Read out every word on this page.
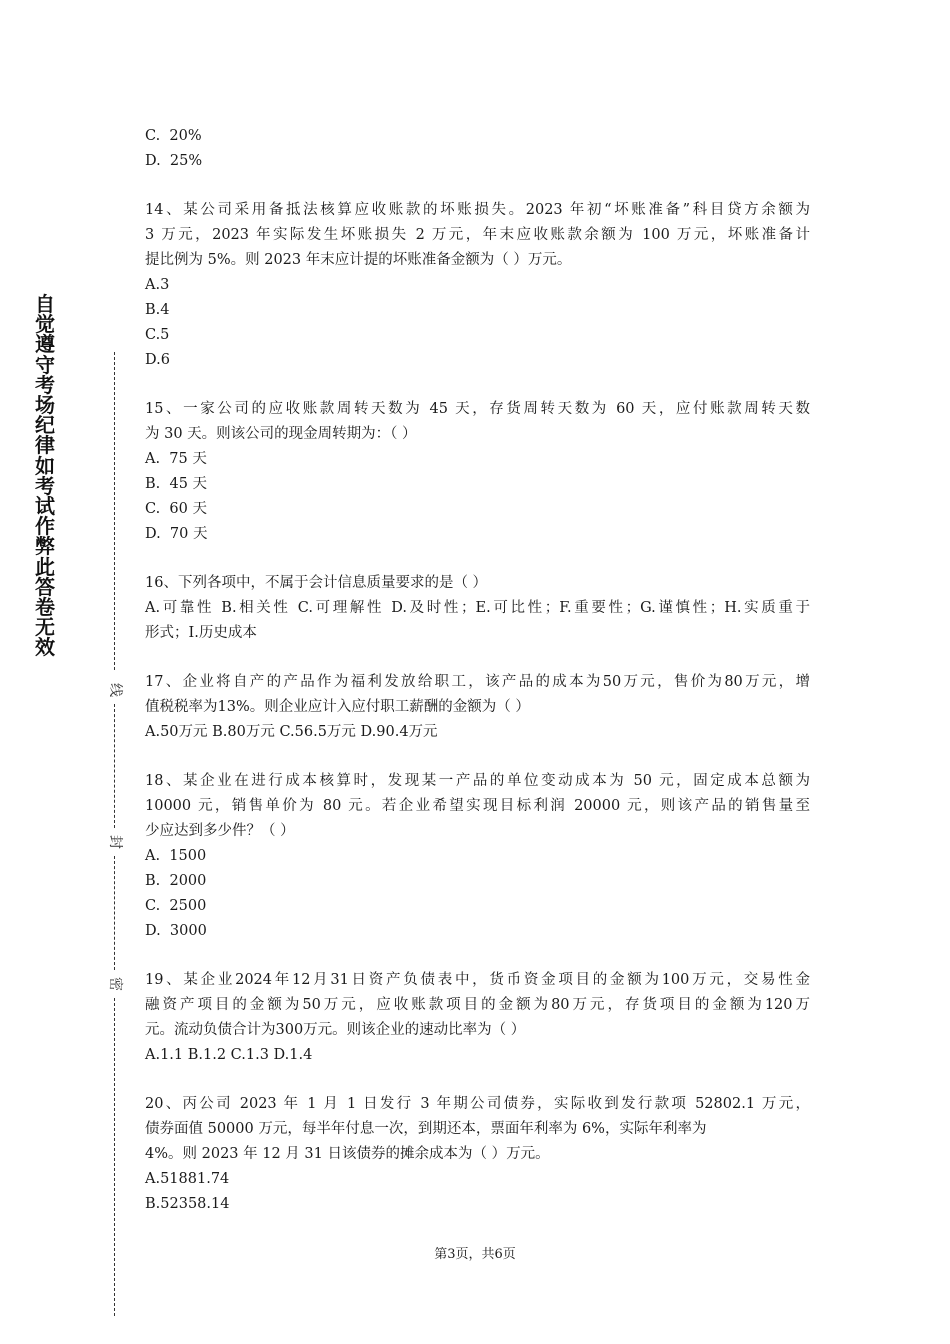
自觉遵守考场纪律如考试作弊此答卷无效
线
封
密
C.  20%
D.  25%
14、某公司采用备抵法核算应收账款的坏账损失。2023 年初“坏账准备”科目贷方余额为
3 万元，2023 年实际发生坏账损失 2 万元，年末应收账款余额为 100 万元，坏账准备计
提比例为 5%。则 2023 年末应计提的坏账准备金额为（ ）万元。
A.3
B.4
C.5
D.6
15、一家公司的应收账款周转天数为 45 天，存货周转天数为 60 天，应付账款周转天数
为 30 天。则该公司的现金周转期为：（ ）
A.  75 天
B.  45 天
C.  60 天
D.  70 天
16、下列各项中，不属于会计信息质量要求的是（ ）
A.可靠性 B.相关性 C.可理解性 D.及时性；E.可比性；F.重要性；G.谨慎性；H.实质重于
形式；I.历史成本
17、企业将自产的产品作为福利发放给职工，该产品的成本为50万元，售价为80万元，增
值税税率为13%。则企业应计入应付职工薪酬的金额为（ ）
A.50万元 B.80万元 C.56.5万元 D.90.4万元
18、某企业在进行成本核算时，发现某一产品的单位变动成本为 50 元，固定成本总额为
10000 元，销售单价为 80 元。若企业希望实现目标利润 20000 元，则该产品的销售量至
少应达到多少件？（ ）
A.  1500
B.  2000
C.  2500
D.  3000
19、某企业2024年12月31日资产负债表中，货币资金项目的金额为100万元，交易性金
融资产项目的金额为50万元，应收账款项目的金额为80万元，存货项目的金额为120万
元。流动负债合计为300万元。则该企业的速动比率为（ ）
A.1.1 B.1.2 C.1.3 D.1.4
20、丙公司 2023 年 1 月 1 日发行 3 年期公司债券，实际收到发行款项 52802.1 万元，
债券面值 50000 万元，每半年付息一次，到期还本，票面年利率为 6%，实际年利率为
4%。则 2023 年 12 月 31 日该债券的摊余成本为（ ）万元。
A.51881.74
B.52358.14
第3页，共6页
